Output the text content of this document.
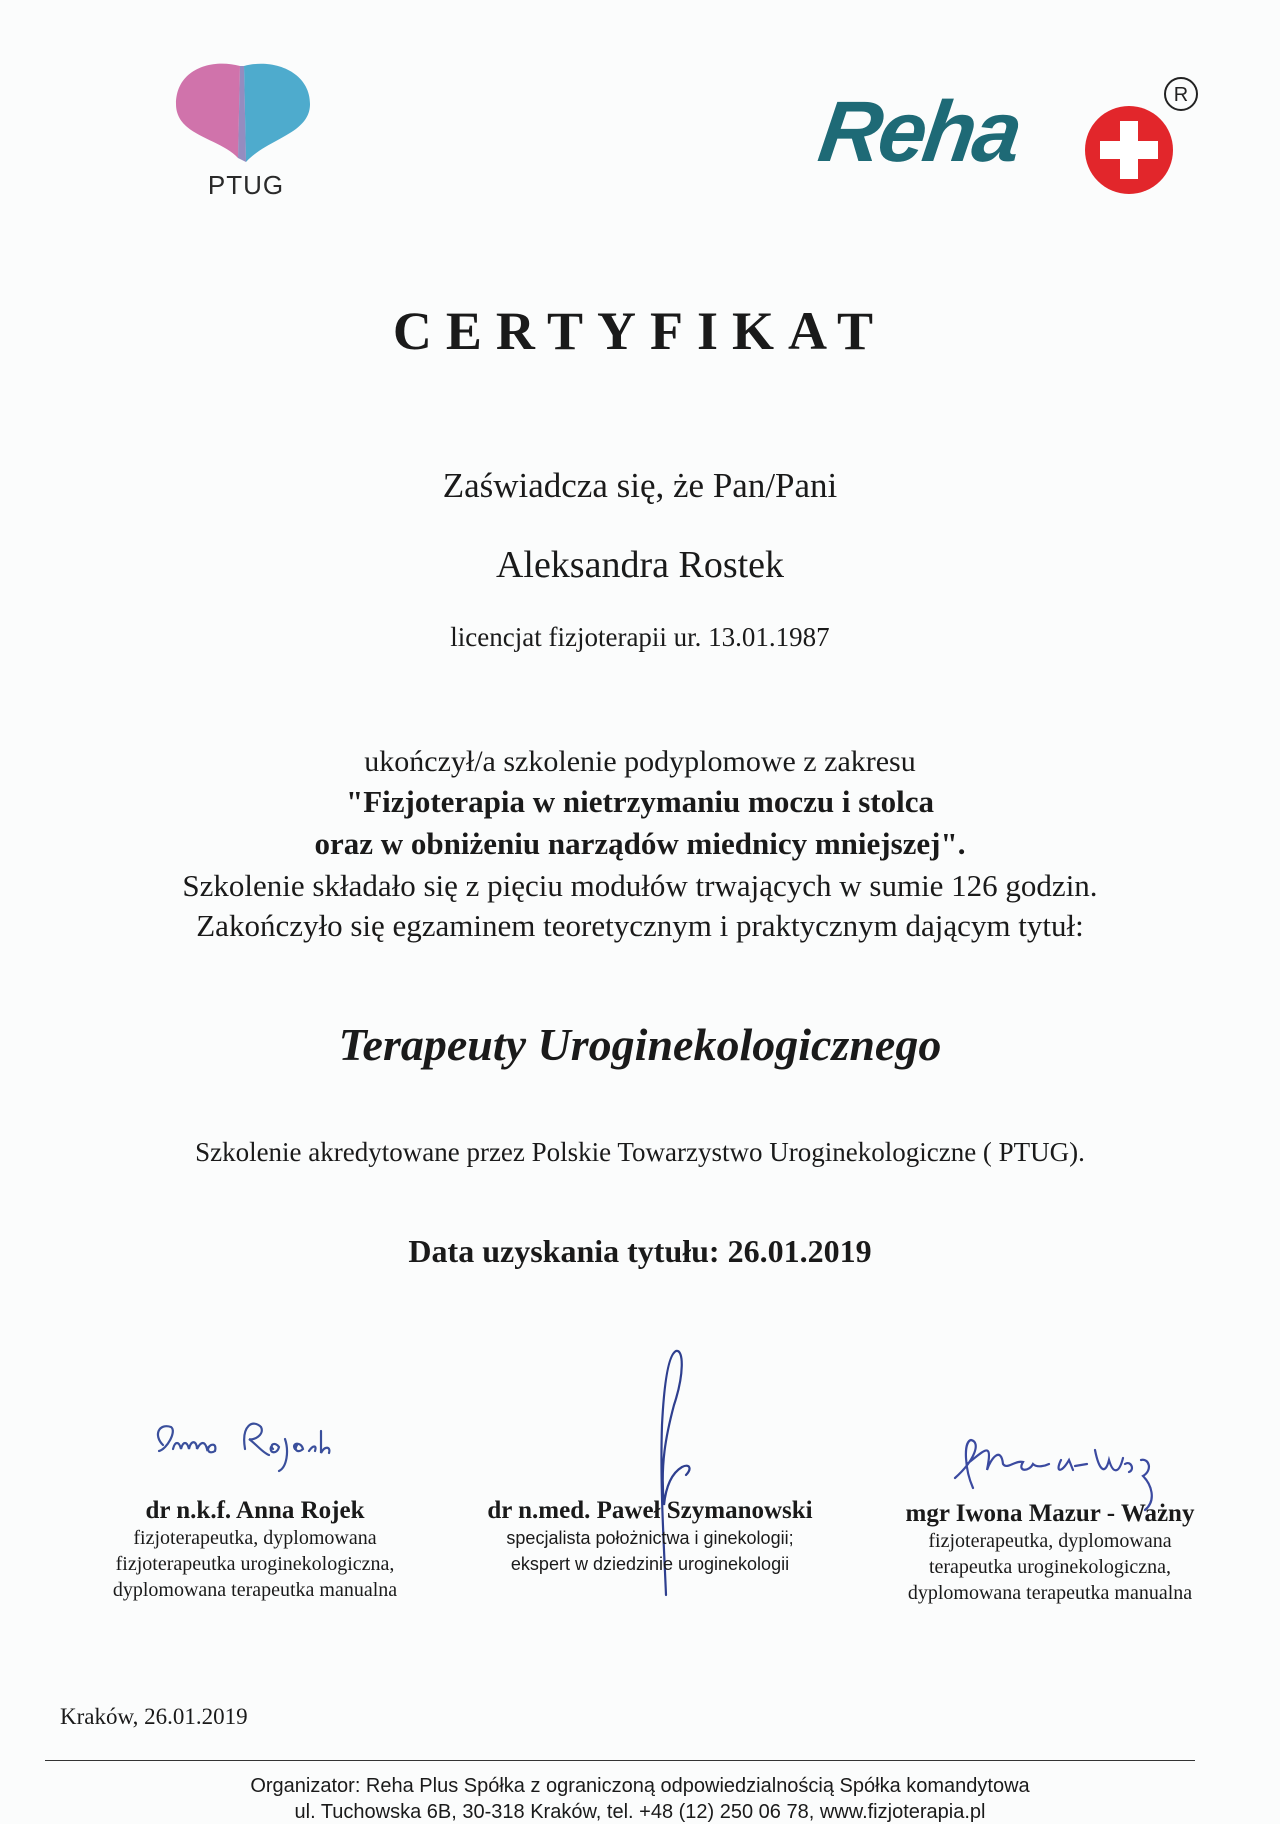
PTUG
Reha	R
CERTYFIKAT
Zaświadcza się, że Pan/Pani
Aleksandra Rostek
licencjat fizjoterapii ur. 13.01.1987
ukończył/a szkolenie podyplomowe z zakresu
"Fizjoterapia w nietrzymaniu moczu i stolca
oraz w obniżeniu narządów miednicy mniejszej".
Szkolenie składało się z pięciu modułów trwających w sumie 126 godzin.
Zakończyło się egzaminem teoretycznym i praktycznym dającym tytuł:
Terapeuty Uroginekologicznego
Szkolenie akredytowane przez Polskie Towarzystwo Uroginekologiczne ( PTUG).
Data uzyskania tytułu: 26.01.2019
dr n.k.f. Anna Rojek
fizjoterapeutka, dyplomowana
fizjoterapeutka uroginekologiczna,
dyplomowana terapeutka manualna
dr n.med. Paweł Szymanowski
specjalista położnictwa i ginekologii;
ekspert w dziedzinie uroginekologii
mgr Iwona Mazur - Ważny
fizjoterapeutka, dyplomowana
terapeutka uroginekologiczna,
dyplomowana terapeutka manualna
Kraków, 26.01.2019
Organizator: Reha Plus Spółka z ograniczoną odpowiedzialnością Spółka komandytowa
ul. Tuchowska 6B, 30-318 Kraków, tel. +48 (12) 250 06 78, www.fizjoterapia.pl
